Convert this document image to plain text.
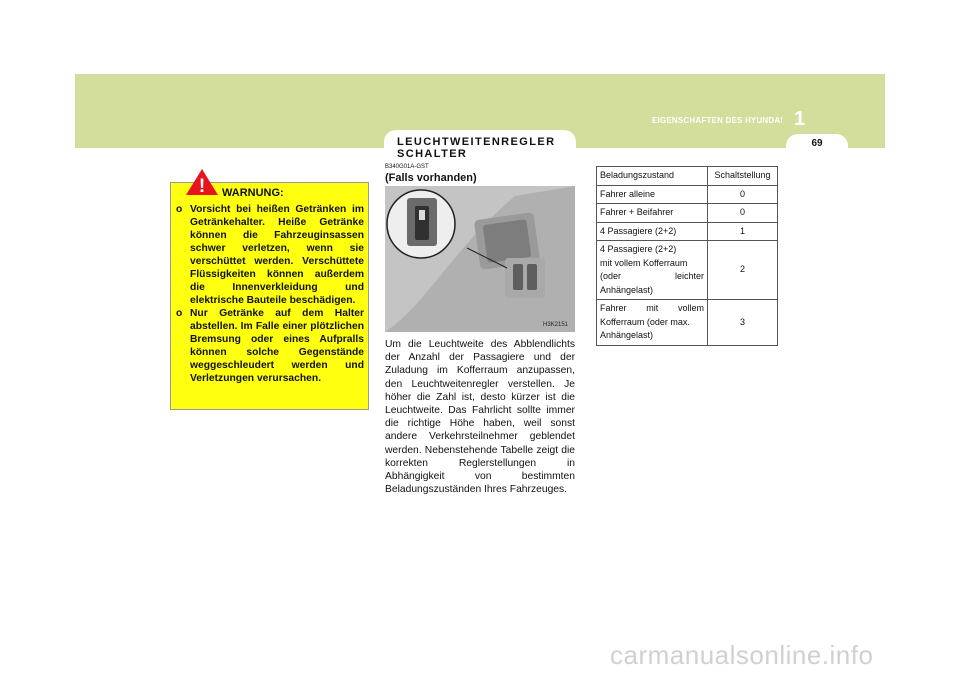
1
EIGENSCHAFTEN DES HYUNDAI
69
LEUCHTWEITENREGLER
SCHALTER
! WARNUNG:
o Vorsicht bei heißen Getränken im Getränkehalter. Heiße Getränke können die Fahrzeuginsassen schwer verletzen, wenn sie verschüttet werden. Verschüttete Flüssigkeiten können außerdem die Innenverkleidung und elektrische Bauteile beschädigen.
o Nur Getränke auf dem Halter abstellen. Im Falle einer plötzlichen Bremsung oder eines Aufpralls können solche Gegenstände weggeschleudert werden und Verletzungen verursachen.
B340G01A-GST
(Falls vorhanden)
H3K2151

Um die Leuchtweite des Abblendlichts der Anzahl der Passagiere und der Zuladung im Kofferraum anzupassen, den Leuchtweitenregler verstellen. Je höher die Zahl ist, desto kürzer ist die Leuchtweite. Das Fahrlicht sollte immer die richtige Höhe haben, weil sonst andere Verkehrsteilnehmer geblendet werden. Nebenstehende Tabelle zeigt die korrekten Reglerstellungen in Abhängigkeit von bestimmten Beladungszuständen Ihres Fahrzeuges.

Beladungszustand	Schaltstellung
Fahrer alleine	0
Fahrer + Beifahrer	0
4 Passagiere (2+2)	1

4 Passagiere (2+2)
mit vollem Kofferraum
(oder leichter
Anhängelast)	2

Fahrer mit vollem
Kofferraum (oder max.
Anhängelast)	3
carmanualsonline.info
